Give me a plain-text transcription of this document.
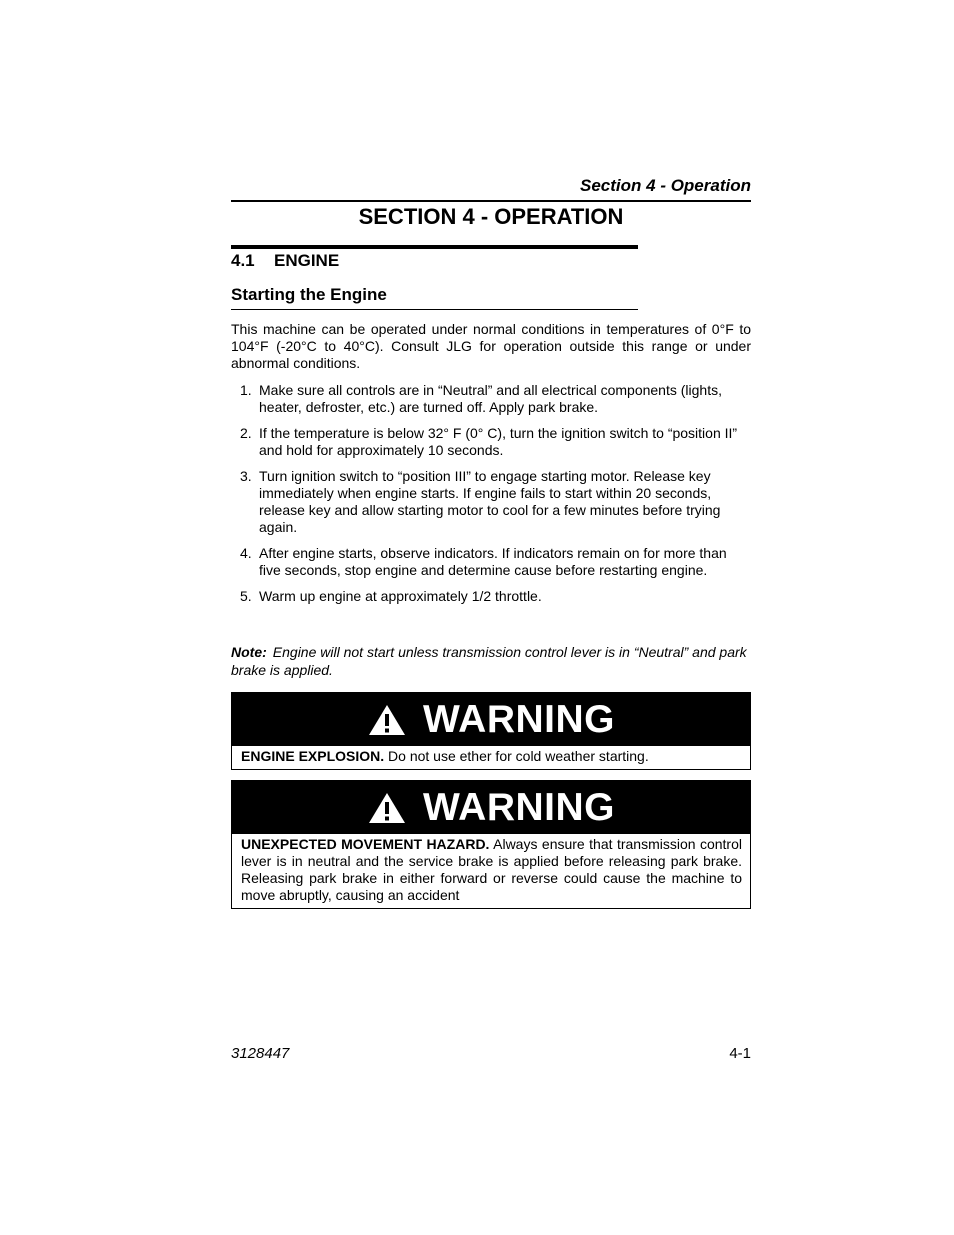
Section 4 - Operation
SECTION 4 - OPERATION
4.1 ENGINE
Starting the Engine

This machine can be operated under normal conditions in temperatures of 0°F to 104°F (-20°C to 40°C). Consult JLG for operation outside this range or under abnormal conditions.

1. Make sure all controls are in “Neutral” and all electrical components (lights, heater, defroster, etc.) are turned off. Apply park brake.
2. If the temperature is below 32° F (0° C), turn the ignition switch to “position II” and hold for approximately 10 seconds.
3. Turn ignition switch to “position III” to engage starting motor. Release key immediately when engine starts. If engine fails to start within 20 seconds, release key and allow starting motor to cool for a few minutes before trying again.
4. After engine starts, observe indicators. If indicators remain on for more than five seconds, stop engine and determine cause before restarting engine.
5. Warm up engine at approximately 1/2 throttle.

Note: Engine will not start unless transmission control lever is in “Neutral” and park brake is applied.

WARNING
ENGINE EXPLOSION. Do not use ether for cold weather starting.
WARNING
UNEXPECTED MOVEMENT HAZARD. Always ensure that transmission control lever is in neutral and the service brake is applied before releasing park brake. Releasing park brake in either forward or reverse could cause the machine to move abruptly, causing an accident
3128447	4-1
